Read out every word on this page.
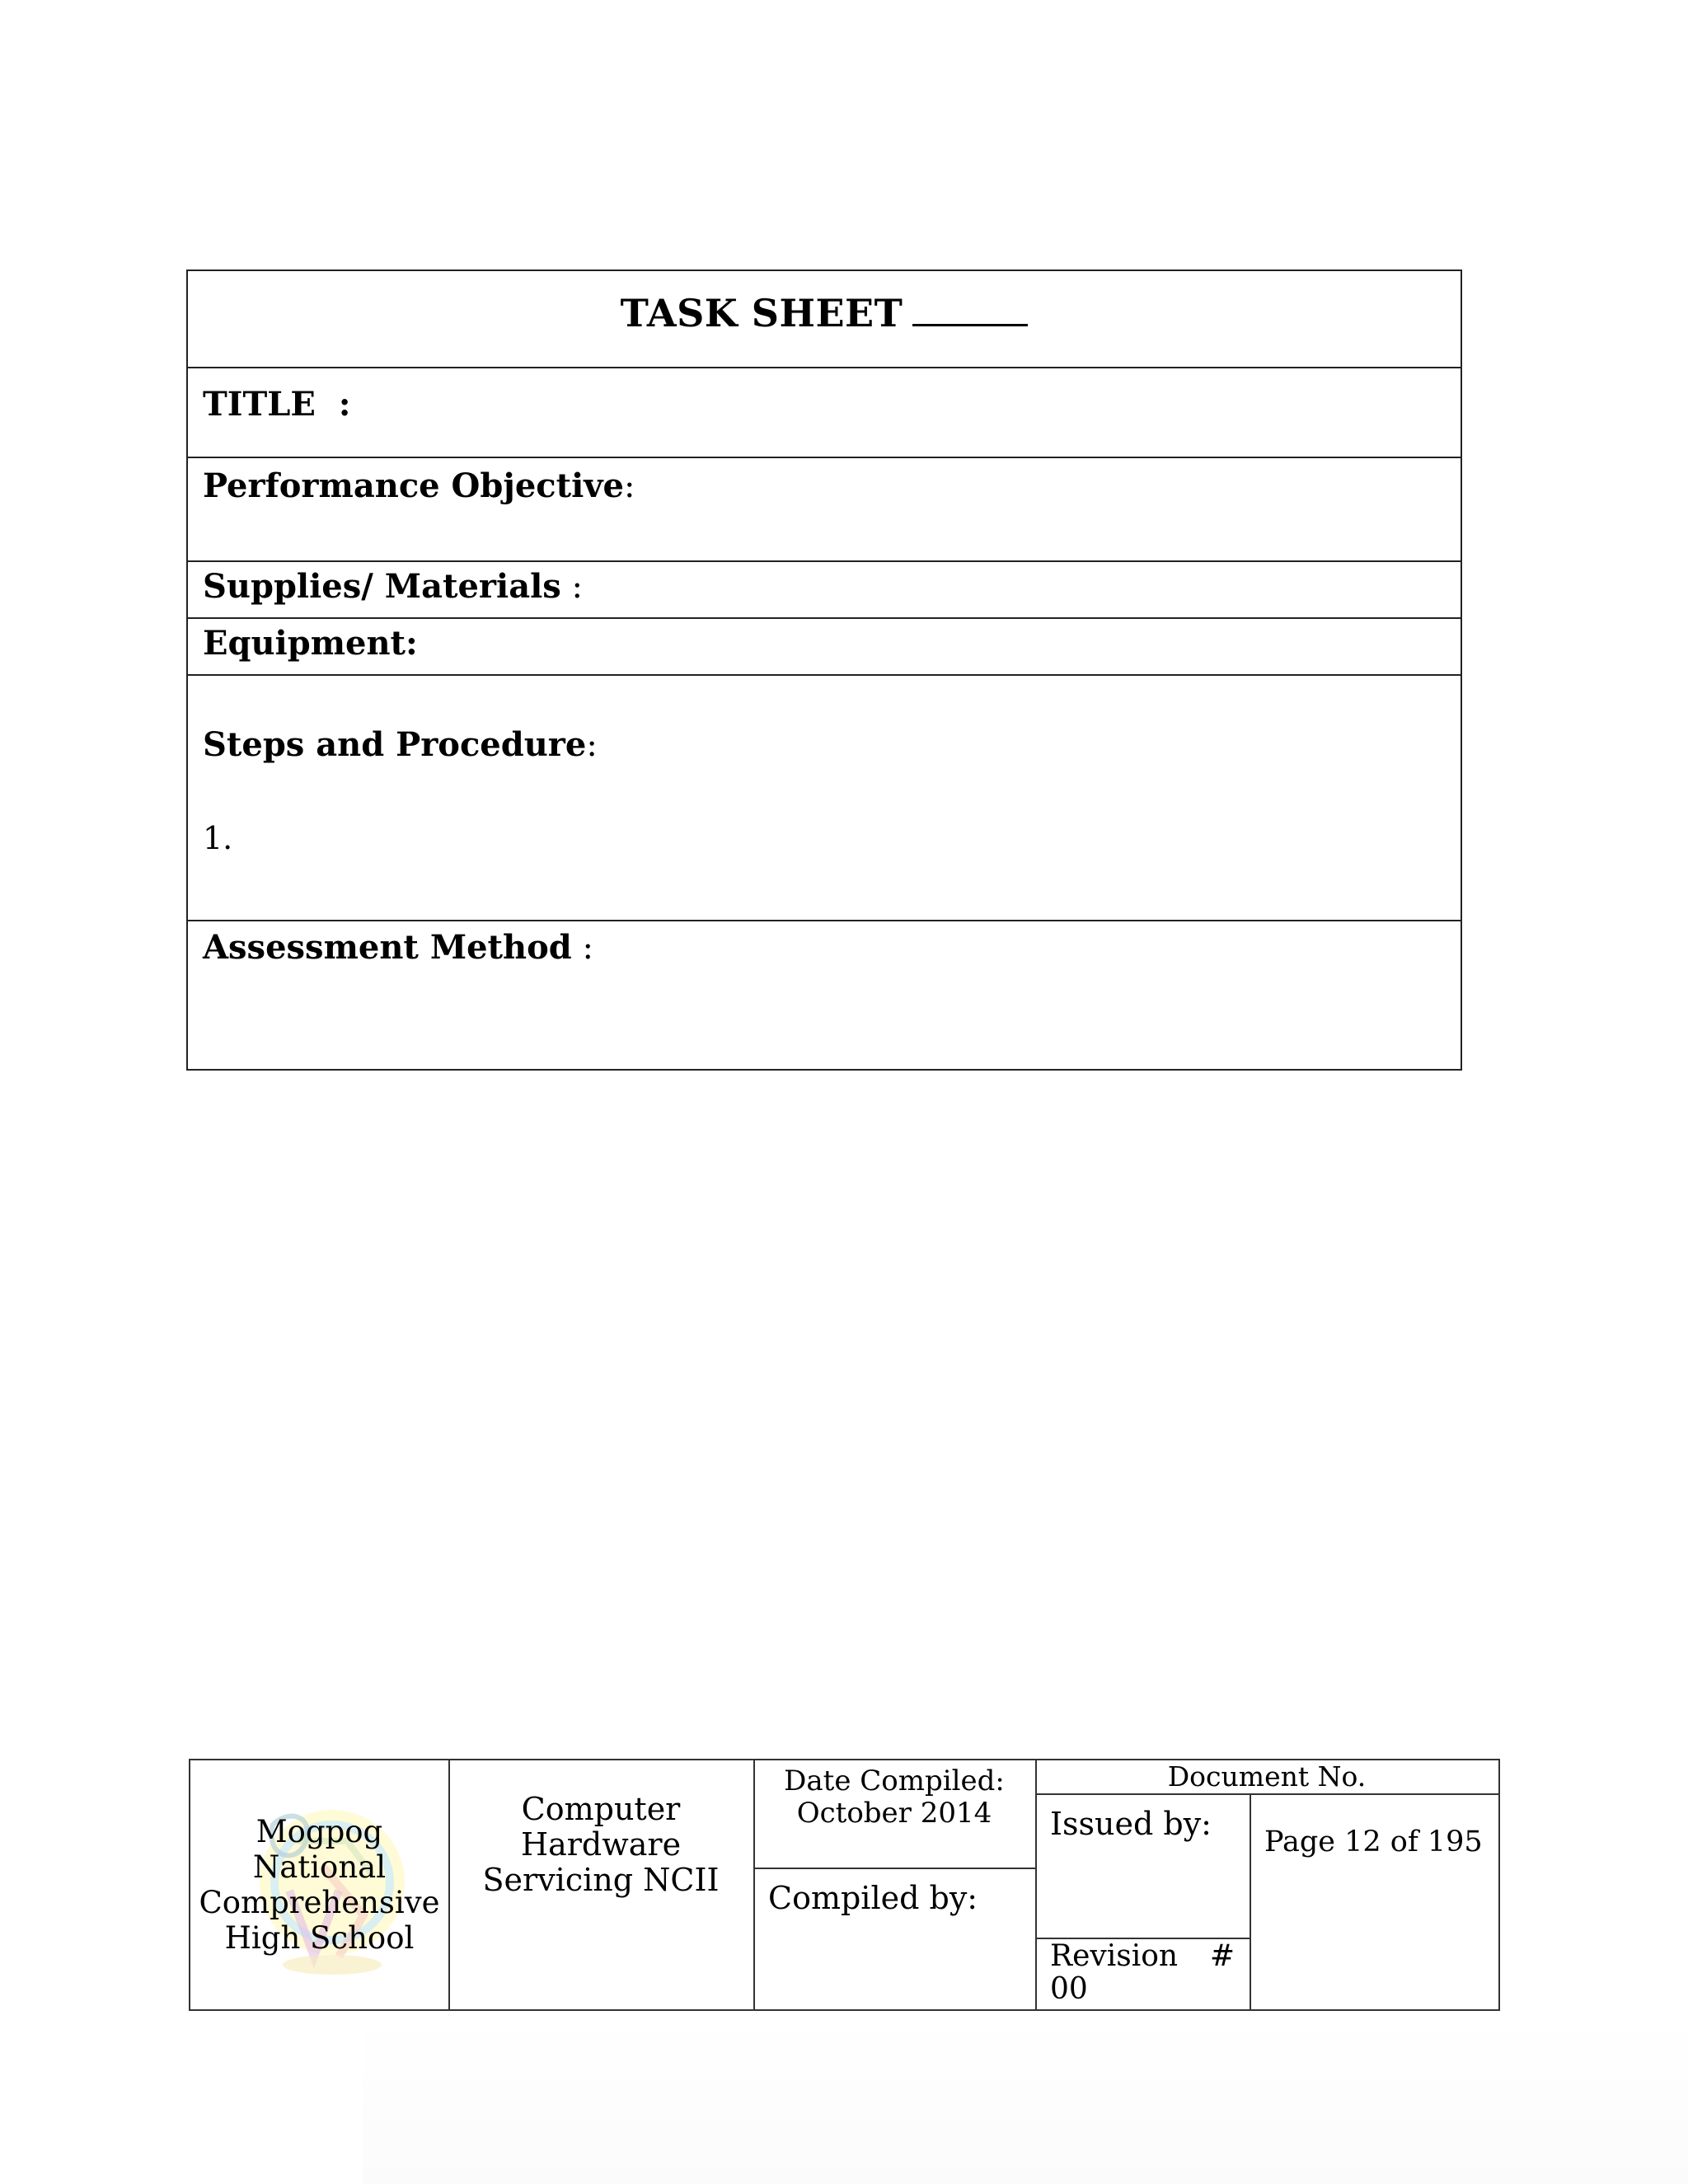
TASK SHEET
TITLE  :
Performance Objective:
Supplies/ Materials :
Equipment:
Steps and Procedure:
1.
Assessment Method :
Mogpog
National
Comprehensive
High School
Computer
Hardware
Servicing NCII
Date Compiled:
October 2014
Compiled by:
Document No.
Issued by:
Revision #
00
Page 12 of 195
